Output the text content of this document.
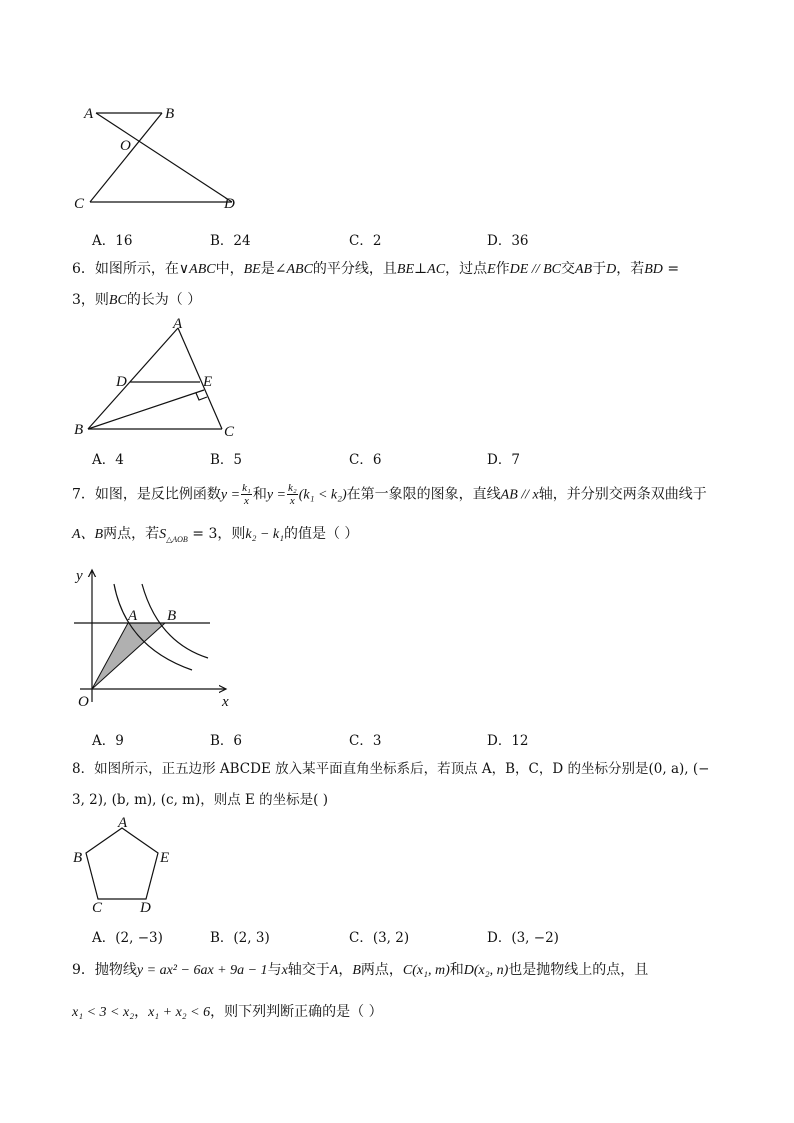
A	B
O
C	D
A．16	B．24	C．2	D．36
6．如图所示，在∨ABC中，BE是∠ABC的平分线，且BE⊥AC，过点E作DE // BC交AB于D，若BD =
3，则BC的长为（ ）
A
D	E
B	C
A．4	B．5	C．6	D．7
7．如图，是反比例函数$y = \frac{\text{k₁}}{x}$ 和$y = \frac{\text{k₂}}{x} (k_1 < k_2)$在第一象限的图象，直线AB // x轴，并分别交两条双曲线于
A、B两点，若$S_{\triangle AOB} = 3$，则k₂ − k₁的值是（ ）
y
x
O
A B
A．9	B．6	C．3	D．12
8．如图所示，正五边形 ABCDE 放入某平面直角坐标系后，若顶点 A，B，C，D 的坐标分别是(0, a), (−
3, 2), (b, m), (c, m)，则点 E 的坐标是( )
A
B	E
C	D
A．(2, −3)	B．(2, 3)	C．(3, 2)	D．(3, −2)
9．抛物线y = ax² − 6ax + 9a − 1与x轴交于A，B两点，C(x₁, m)和D(x₂, n)也是抛物线上的点，且
x₁ < 3 < x₂，x₁ + x₂ < 6，则下列判断正确的是（ ）
